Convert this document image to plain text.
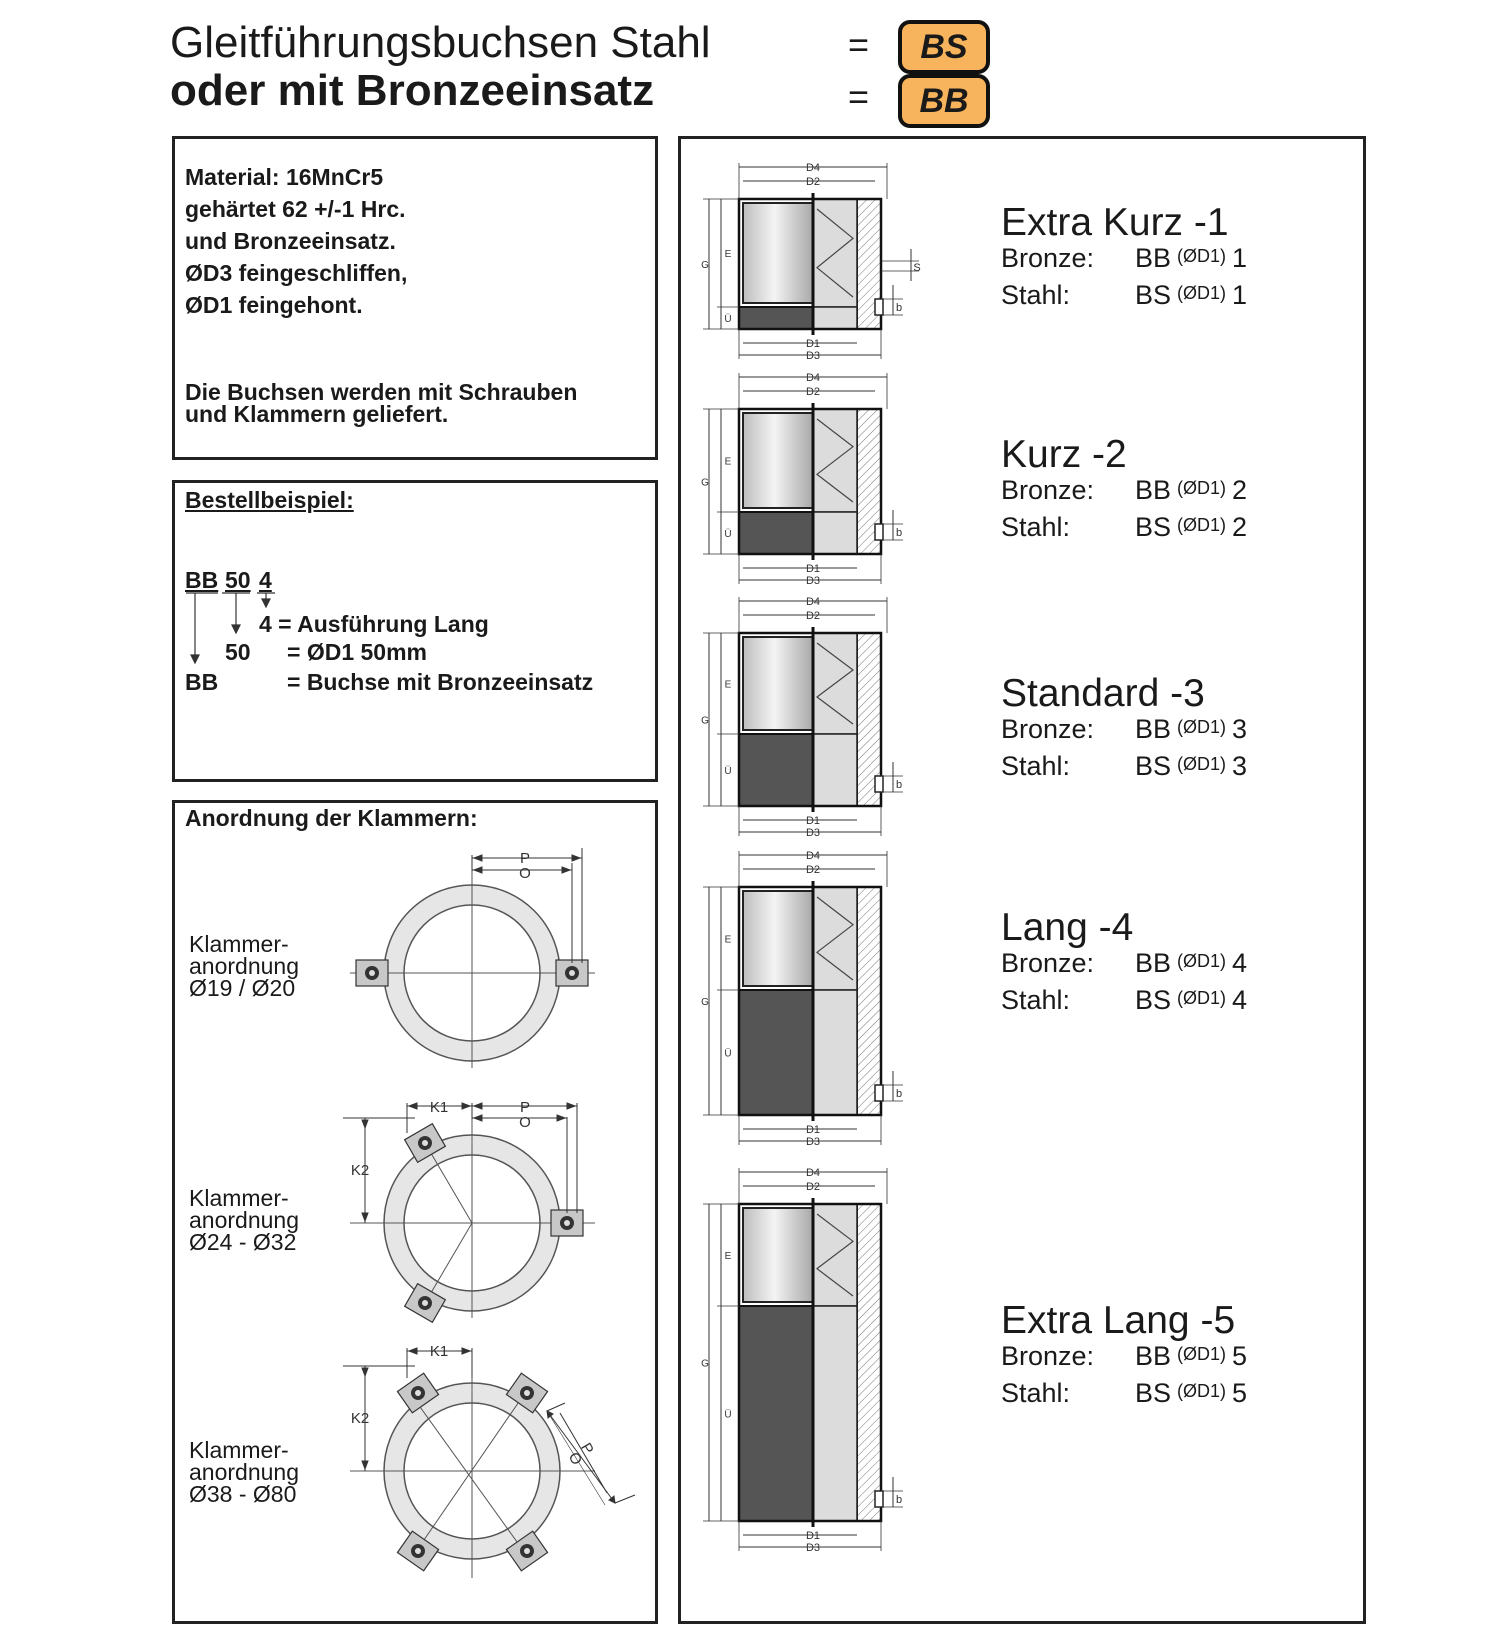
Gleitführungsbuchsen Stahl
oder mit Bronzeeinsatz
=
=
BS
BB
Material: 16MnCr5
gehärtet 62 +/-1 Hrc.
und Bronzeeinsatz.
ØD3 feingeschliffen,
ØD1 feingehont.
Die Buchsen werden mit Schrauben
und Klammern geliefert.
Bestellbeispiel:
BB 50 4
4 = Ausführung Lang
50 = ØD1 50mm
BB	= Buchse mit Bronzeeinsatz
Anordnung der Klammern:
P
O
P
O
K1
K2
K1
K2
P
O
Klammer-
anordnung
Ø19 / Ø20
Klammer-
anordnung
Ø24 - Ø32
Klammer-
anordnung
Ø38 - Ø80
D4
D2
D1
D3
G
E
Ü
b
S
D4
D2
D1
D3
G
E
Ü	b
D4
D2
D1
D3
G
E
Ü
b
D4
D2
D1
D3
G
E
Ü
b
D4
D2
D1
D3
G
E
Ü
b
Extra Kurz -1
Bronze: BB (ØD1) 1
Stahl: BS (ØD1) 1
Kurz -2
Bronze: BB (ØD1) 2
Stahl: BS (ØD1) 2
Standard -3
Bronze: BB (ØD1) 3
Stahl: BS (ØD1) 3
Lang -4
Bronze: BB (ØD1) 4
Stahl: BS (ØD1) 4
Extra Lang -5
Bronze: BB (ØD1) 5
Stahl: BS (ØD1) 5
